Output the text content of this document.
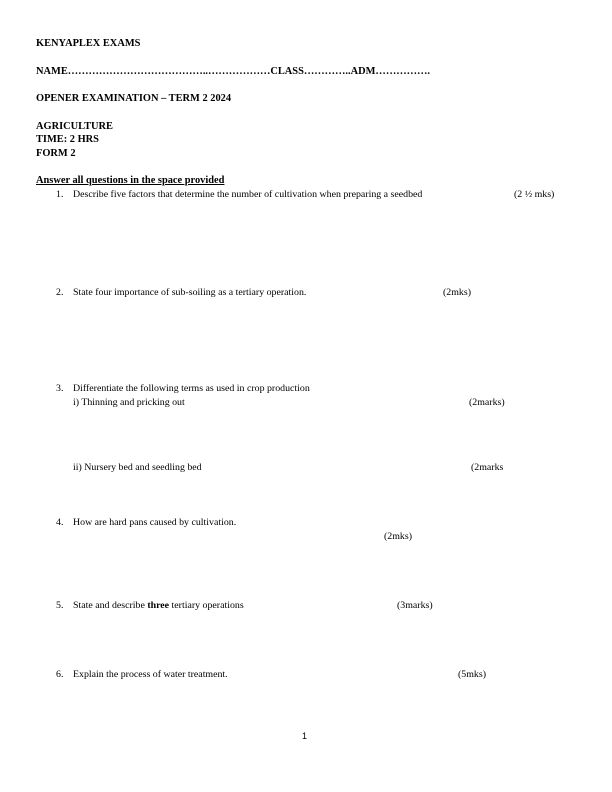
KENYAPLEX EXAMS
NAME…………………………………..………………CLASS…………..ADM…………….
OPENER EXAMINATION – TERM 2 2024
AGRICULTURE
TIME: 2 HRS
FORM 2
Answer all questions in the space provided
1. Describe five factors that determine the number of cultivation when preparing a seedbed	(2 ½ mks)
2. State four importance of sub-soiling as a tertiary operation.	(2mks)
3. Differentiate the following terms as used in crop production
i) Thinning and pricking out	(2marks)
ii) Nursery bed and seedling bed	(2marks
4. How are hard pans caused by cultivation.
(2mks)
5. State and describe three tertiary operations	(3marks)
6. Explain the process of water treatment.	(5mks)
1
